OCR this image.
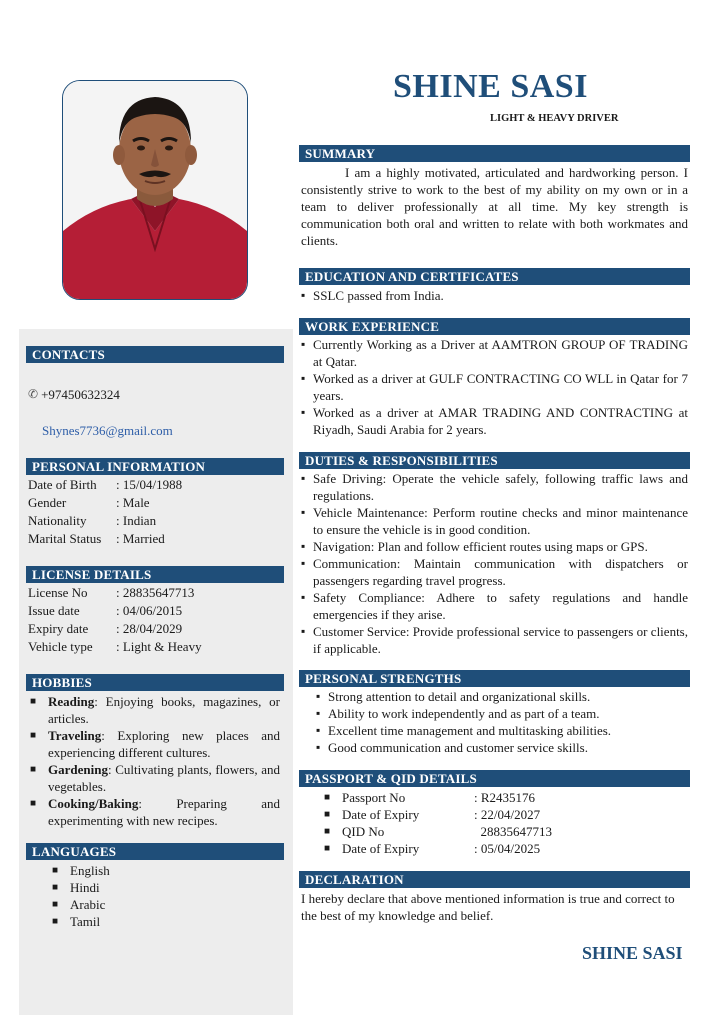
SHINE SASI
LIGHT & HEAVY DRIVER
CONTACTS
✆ +97450632324
Shynes7736@gmail.com
PERSONAL INFORMATION
Date of Birth	: 15/04/1988
Gender	: Male
Nationality	: Indian
Marital Status	: Married
LICENSE DETAILS
License No	: 28835647713
Issue date	: 04/06/2015
Expiry date	: 28/04/2029
Vehicle type	: Light & Heavy
HOBBIES
■ Reading: Enjoying books, magazines, or articles.
■ Traveling: Exploring new places and experiencing different cultures.
■ Gardening: Cultivating plants, flowers, and vegetables.
■ Cooking/Baking: Preparing and experimenting with new recipes.
LANGUAGES
■ English
■ Hindi
■ Arabic
■ Tamil
SUMMARY
I am a highly motivated, articulated and hardworking person. I consistently strive to work to the best of my ability on my own or in a team to deliver professionally at all time. My key strength is communication both oral and written to relate with both workmates and clients.
EDUCATION AND CERTIFICATES
▪ SSLC passed from India.
WORK EXPERIENCE
▪ Currently Working as a Driver at AAMTRON GROUP OF TRADING at Qatar.
▪ Worked as a driver at GULF CONTRACTING CO WLL in Qatar for 7 years.
▪ Worked as a driver at AMAR TRADING AND CONTRACTING at Riyadh, Saudi Arabia for 2 years.
DUTIES & RESPONSIBILITIES
▪ Safe Driving: Operate the vehicle safely, following traffic laws and regulations.
▪ Vehicle Maintenance: Perform routine checks and minor maintenance to ensure the vehicle is in good condition.
▪ Navigation: Plan and follow efficient routes using maps or GPS.
▪ Communication: Maintain communication with dispatchers or passengers regarding travel progress.
▪ Safety Compliance: Adhere to safety regulations and handle emergencies if they arise.
▪ Customer Service: Provide professional service to passengers or clients, if applicable.
PERSONAL STRENGTHS
▪ Strong attention to detail and organizational skills.
▪ Ability to work independently and as part of a team.
▪ Excellent time management and multitasking abilities.
▪ Good communication and customer service skills.
PASSPORT & QID DETAILS
■ Passport No	: R2435176
■ Date of Expiry	: 22/04/2027
■ QID No	28835647713
■ Date of Expiry	: 05/04/2025
DECLARATION
I hereby declare that above mentioned information is true and correct to the best of my knowledge and belief.
SHINE SASI
